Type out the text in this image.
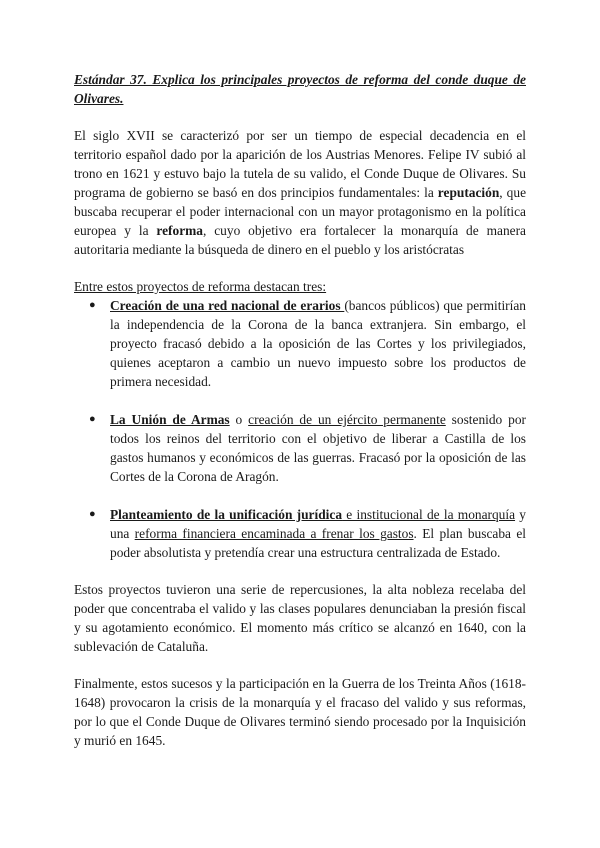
Estándar 37. Explica los principales proyectos de reforma del conde duque de Olivares.

El siglo XVII se caracterizó por ser un tiempo de especial decadencia en el territorio español dado por la aparición de los Austrias Menores. Felipe IV subió al trono en 1621 y estuvo bajo la tutela de su valido, el Conde Duque de Olivares. Su programa de gobierno se basó en dos principios fundamentales: la reputación, que buscaba recuperar el poder internacional con un mayor protagonismo en la política europea y la reforma, cuyo objetivo era fortalecer la monarquía de manera autoritaria mediante la búsqueda de dinero en el pueblo y los aristócratas

Entre estos proyectos de reforma destacan tres:

● Creación de una red nacional de erarios (bancos públicos) que permitirían la independencia de la Corona de la banca extranjera. Sin embargo, el proyecto fracasó debido a la oposición de las Cortes y los privilegiados, quienes aceptaron a cambio un nuevo impuesto sobre los productos de primera necesidad.
● La Unión de Armas o creación de un ejército permanente sostenido por todos los reinos del territorio con el objetivo de liberar a Castilla de los gastos humanos y económicos de las guerras. Fracasó por la oposición de las Cortes de la Corona de Aragón.
● Planteamiento de la unificación jurídica e institucional de la monarquía y una reforma financiera encaminada a frenar los gastos. El plan buscaba el poder absolutista y pretendía crear una estructura centralizada de Estado.

Estos proyectos tuvieron una serie de repercusiones, la alta nobleza recelaba del poder que concentraba el valido y las clases populares denunciaban la presión fiscal y su agotamiento económico. El momento más crítico se alcanzó en 1640, con la sublevación de Cataluña.

Finalmente, estos sucesos y la participación en la Guerra de los Treinta Años (1618-1648) provocaron la crisis de la monarquía y el fracaso del valido y sus reformas, por lo que el Conde Duque de Olivares terminó siendo procesado por la Inquisición y murió en 1645.
